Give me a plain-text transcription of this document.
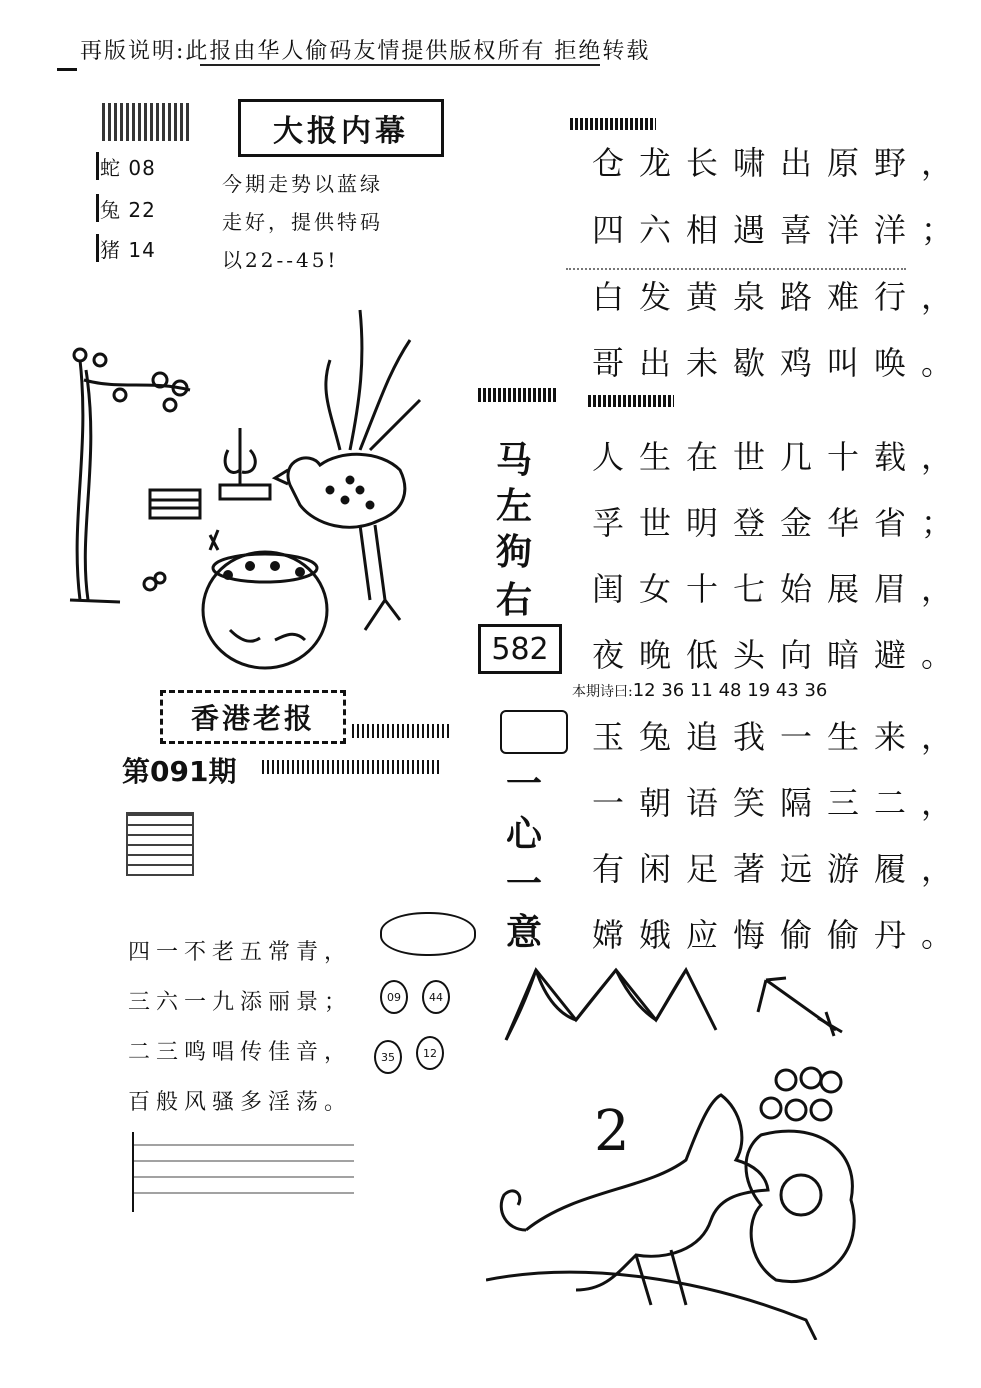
再版说明:此报由华人偷码友情提供版权所有 拒绝转载
蛇 08
兔 22
猪 14
大报内幕
今期走势以蓝绿
走好，提供特码
以22--45!
仓龙长啸出原野，
四六相遇喜洋洋；
白发黄泉路难行，
哥出未歇鸡叫唤。
人生在世几十载，
孚世明登金华省；
闺女十七始展眉，
夜晚低头向暗避。
本期诗曰:12 36 11 48 19 43 36
玉兔追我一生来，
一朝语笑隔三二，
有闲足著远游履，
嫦娥应悔偷偷丹。
马
左
狗
右
582
一
心
一
意
香港老报
第091期
四一不老五常青，
三六一九添丽景；
二三鸣唱传佳音，
百般风骚多淫荡。
09	44
35	12
2
